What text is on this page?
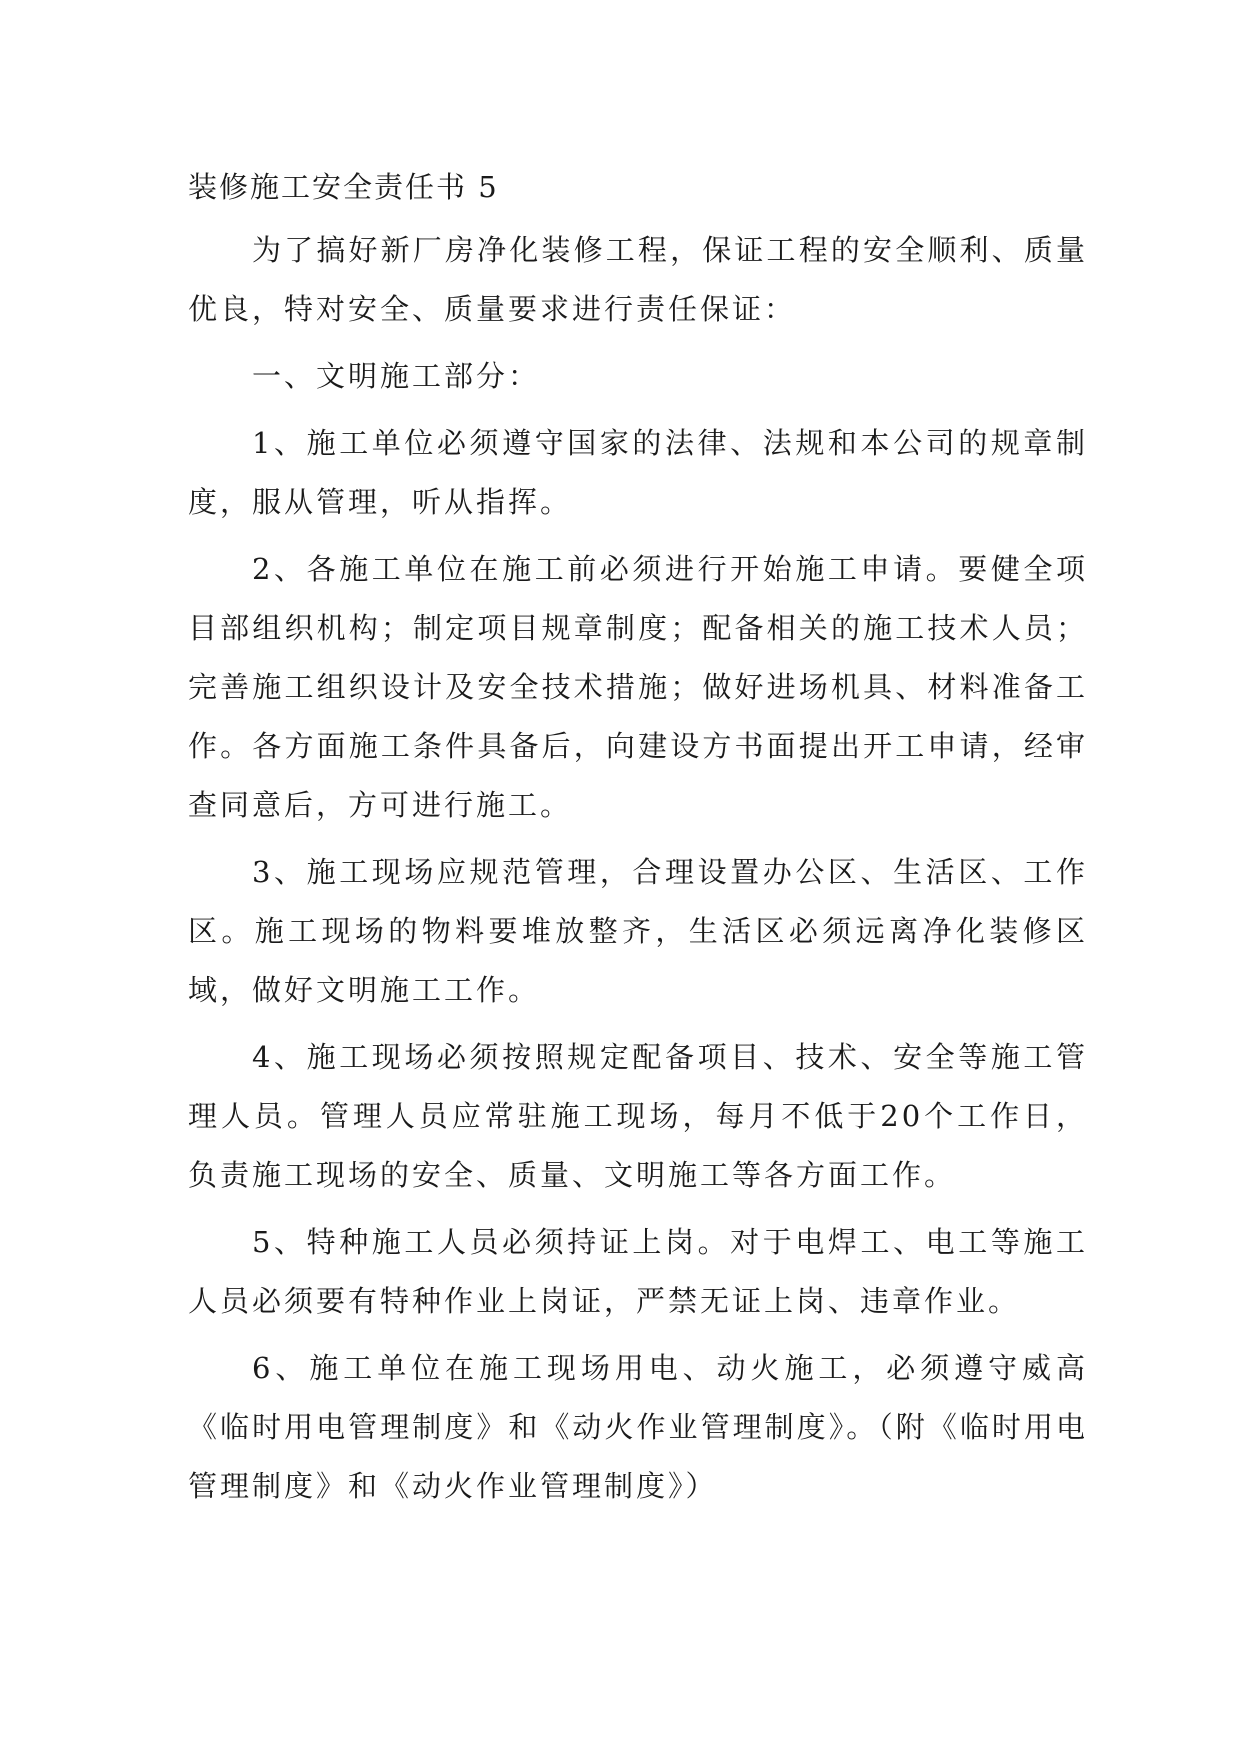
装修施工安全责任书 5

为了搞好新厂房净化装修工程，保证工程的安全顺利、质量优良，特对安全、质量要求进行责任保证：

一、文明施工部分：

1、施工单位必须遵守国家的法律、法规和本公司的规章制度，服从管理，听从指挥。

2、各施工单位在施工前必须进行开始施工申请。要健全项目部组织机构；制定项目规章制度；配备相关的施工技术人员；完善施工组织设计及安全技术措施；做好进场机具、材料准备工作。各方面施工条件具备后，向建设方书面提出开工申请，经审查同意后，方可进行施工。

3、施工现场应规范管理，合理设置办公区、生活区、工作区。施工现场的物料要堆放整齐，生活区必须远离净化装修区域，做好文明施工工作。

4、施工现场必须按照规定配备项目、技术、安全等施工管理人员。管理人员应常驻施工现场，每月不低于20个工作日，负责施工现场的安全、质量、文明施工等各方面工作。

5、特种施工人员必须持证上岗。对于电焊工、电工等施工人员必须要有特种作业上岗证，严禁无证上岗、违章作业。

6、施工单位在施工现场用电、动火施工，必须遵守威高《临时用电管理制度》和《动火作业管理制度》。（附《临时用电管理制度》和《动火作业管理制度》）
